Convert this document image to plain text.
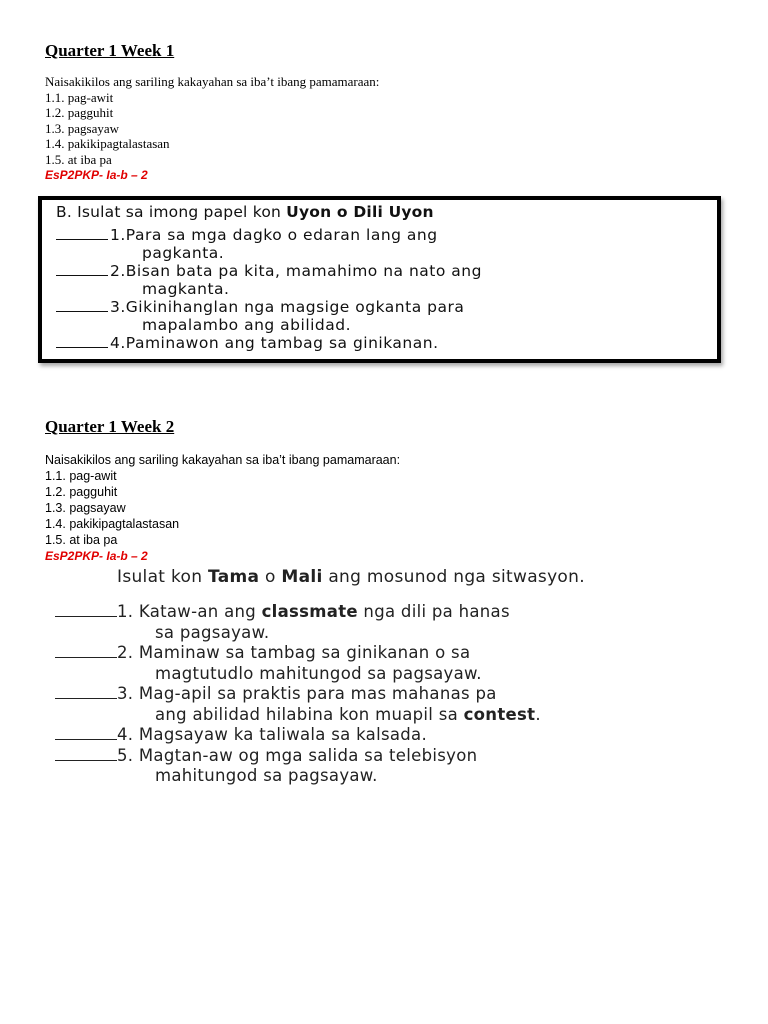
Quarter 1 Week 1

Naisakikilos ang sariling kakayahan sa iba’t ibang pamamaraan:

1.1. pag-awit
1.2. pagguhit
1.3. pagsayaw
1.4. pakikipagtalastasan
1.5. at iba pa

EsP2PKP- Ia-b – 2

B. Isulat sa imong papel kon Uyon o Dili Uyon

1.Para sa mga dagko o edaran lang ang
pagkanta.
2.Bisan bata pa kita, mamahimo na nato ang
magkanta.
3.Gikinihanglan nga magsige ogkanta para
mapalambo ang abilidad.
4.Paminawon ang tambag sa ginikanan.
Quarter 1 Week 2

Naisakikilos ang sariling kakayahan sa iba’t ibang pamamaraan:

1.1. pag-awit
1.2. pagguhit
1.3. pagsayaw
1.4. pakikipagtalastasan
1.5. at iba pa

EsP2PKP- Ia-b – 2

Isulat kon Tama o Mali ang mosunod nga sitwasyon.

1. Kataw-an ang classmate nga dili pa hanas
sa pagsayaw.
2. Maminaw sa tambag sa ginikanan o sa
magtutudlo mahitungod sa pagsayaw.
3. Mag-apil sa praktis para mas mahanas pa
ang abilidad hilabina kon muapil sa contest.
4. Magsayaw ka taliwala sa kalsada.
5. Magtan-aw og mga salida sa telebisyon
mahitungod sa pagsayaw.
